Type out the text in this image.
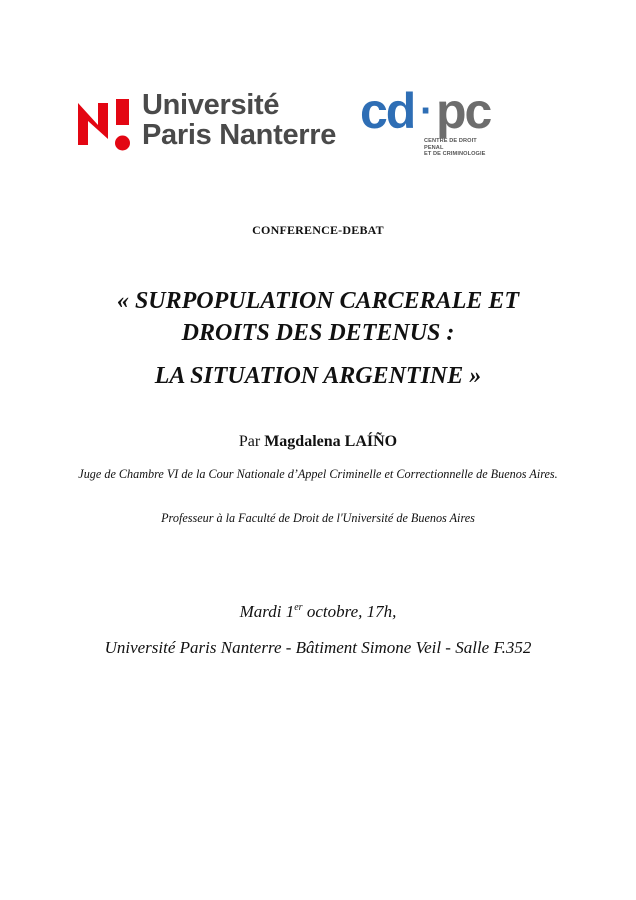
Université
Paris Nanterre cd · pc
CENTRE DE DROIT PENAL
ET DE CRIMINOLOGIE
CONFERENCE-DEBAT
« SURPOPULATION CARCERALE ET
DROITS DES DETENUS :
LA SITUATION ARGENTINE »
Par Magdalena LAÍÑO
Juge de Chambre VI de la Cour Nationale d’Appel Criminelle et Correctionnelle de Buenos Aires.
Professeur à la Faculté de Droit de l'Université de Buenos Aires
Mardi 1er octobre, 17h,
Université Paris Nanterre - Bâtiment Simone Veil - Salle F.352
